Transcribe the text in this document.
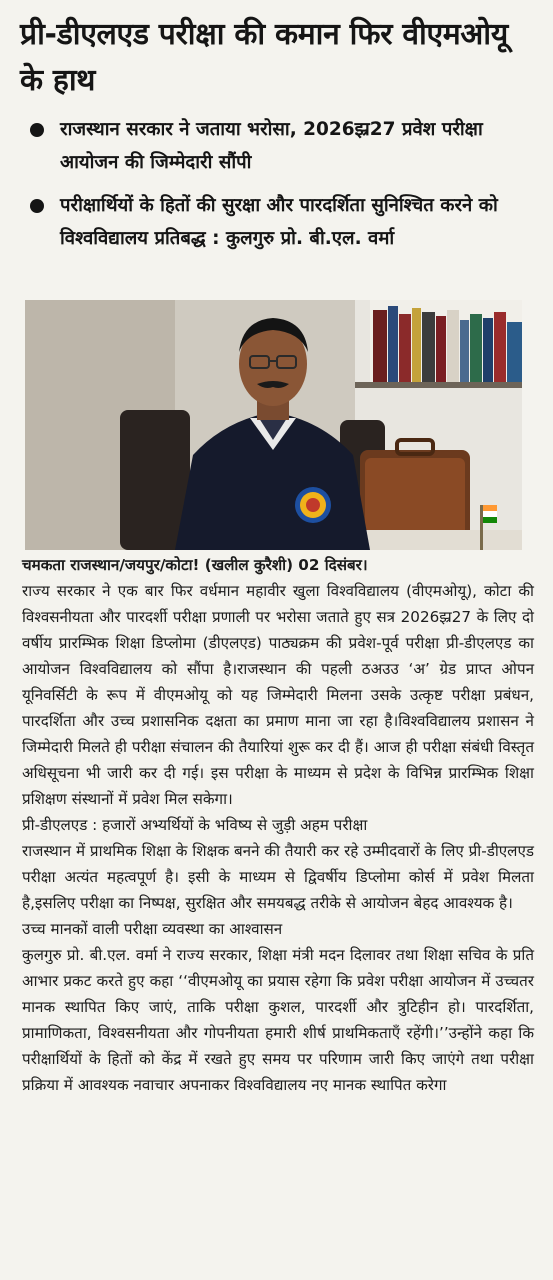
प्री-डीएलएड परीक्षा की कमान फिर वीएमओयू के हाथ
राजस्थान सरकार ने जताया भरोसा, 2026झ्र27 प्रवेश परीक्षा आयोजन की जिम्मेदारी सौंपी
परीक्षार्थियों के हितों की सुरक्षा और पारदर्शिता सुनिश्चित करने को विश्वविद्यालय प्रतिबद्ध : कुलगुरु प्रो. बी.एल. वर्मा

चमकता राजस्थान/जयपुर/कोटा! (खलील कुरैशी) 02 दिसंबर।

राज्य सरकार ने एक बार फिर वर्धमान महावीर खुला विश्वविद्यालय (वीएमओयू), कोटा की विश्वसनीयता और पारदर्शी परीक्षा प्रणाली पर भरोसा जताते हुए सत्र 2026झ्र27 के लिए दो वर्षीय प्रारम्भिक शिक्षा डिप्लोमा (डीएलएड) पाठ्यक्रम की प्रवेश-पूर्व परीक्षा प्री-डीएलएड का आयोजन विश्वविद्यालय को सौंपा है।राजस्थान की पहली ठअउउ ‘अ’ ग्रेड प्राप्त ओपन यूनिवर्सिटी के रूप में वीएमओयू को यह जिम्मेदारी मिलना उसके उत्कृष्ट परीक्षा प्रबंधन, पारदर्शिता और उच्च प्रशासनिक दक्षता का प्रमाण माना जा रहा है।विश्वविद्यालय प्रशासन ने जिम्मेदारी मिलते ही परीक्षा संचालन की तैयारियां शुरू कर दी हैं। आज ही परीक्षा संबंधी विस्तृत अधिसूचना भी जारी कर दी गई। इस परीक्षा के माध्यम से प्रदेश के विभिन्न प्रारम्भिक शिक्षा प्रशिक्षण संस्थानों में प्रवेश मिल सकेगा।

प्री-डीएलएड : हजारों अभ्यर्थियों के भविष्य से जुड़ी अहम परीक्षा

राजस्थान में प्राथमिक शिक्षा के शिक्षक बनने की तैयारी कर रहे उम्मीदवारों के लिए प्री-डीएलएड परीक्षा अत्यंत महत्वपूर्ण है। इसी के माध्यम से द्विवर्षीय डिप्लोमा कोर्स में प्रवेश मिलता है,इसलिए परीक्षा का निष्पक्ष, सुरक्षित और समयबद्ध तरीके से आयोजन बेहद आवश्यक है।

उच्च मानकों वाली परीक्षा व्यवस्था का आश्वासन

कुलगुरु प्रो. बी.एल. वर्मा ने राज्य सरकार, शिक्षा मंत्री मदन दिलावर तथा शिक्षा सचिव के प्रति आभार प्रकट करते हुए कहा ‘‘वीएमओयू का प्रयास रहेगा कि प्रवेश परीक्षा आयोजन में उच्चतर मानक स्थापित किए जाएं, ताकि परीक्षा कुशल, पारदर्शी और त्रुटिहीन हो। पारदर्शिता, प्रामाणिकता, विश्वसनीयता और गोपनीयता हमारी शीर्ष प्राथमिकताएँ रहेंगी।’’उन्होंने कहा कि परीक्षार्थियों के हितों को केंद्र में रखते हुए समय पर परिणाम जारी किए जाएंगे तथा परीक्षा प्रक्रिया में आवश्यक नवाचार अपनाकर विश्वविद्यालय नए मानक स्थापित करेगा
